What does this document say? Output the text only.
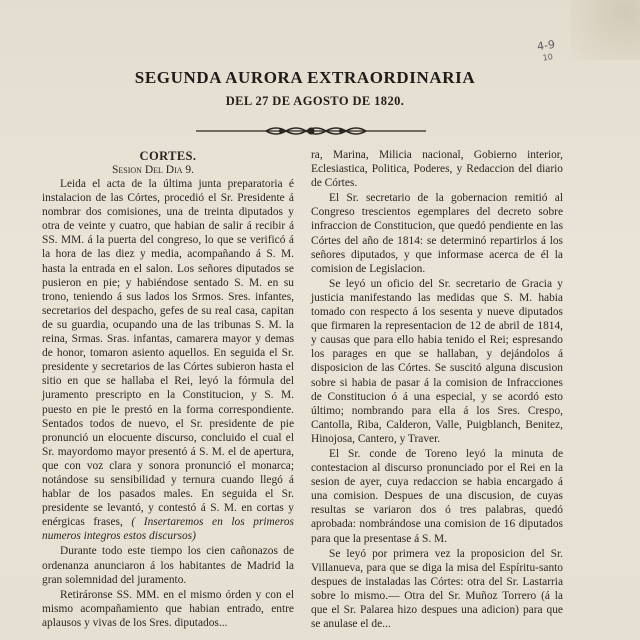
4-9
10
SEGUNDA AURORA EXTRAORDINARIA
DEL 27 DE AGOSTO DE 1820.
CORTES.
Sesion Del Dia 9.

Leida el acta de la última junta preparatoria é instalacion de las Córtes, procedió el Sr. Presidente á nombrar dos comisiones, una de treinta diputados y otra de veinte y cuatro, que habian de salir á recibir á SS. MM. á la puerta del congreso, lo que se verificó á la hora de las diez y media, acompañando á S. M. hasta la entrada en el salon. Los señores diputados se pusieron en pie; y habiéndose sentado S. M. en su trono, teniendo á sus lados los Srmos. Sres. infantes, secretarios del despacho, gefes de su real casa, capitan de su guardia, ocupando una de las tribunas S. M. la reina, Srmas. Sras. infantas, camarera mayor y demas de honor, tomaron asiento aquellos. En seguida el Sr. presidente y secretarios de las Córtes subieron hasta el sitio en que se hallaba el Rei, leyó la fórmula del juramento prescripto en la Constitucion, y S. M. puesto en pie le prestó en la forma correspondiente. Sentados todos de nuevo, el Sr. presidente de pie pronunció un elocuente discurso, concluido el cual el Sr. mayordomo mayor presentó á S. M. el de apertura, que con voz clara y sonora pronunció el monarca; notándose su sensibilidad y ternura cuando llegó á hablar de los pasados males. En seguida el Sr. presidente se levantó, y contestó á S. M. en cortas y enérgicas frases, ( Insertaremos en los primeros numeros integros estos discursos)

Durante todo este tiempo los cien cañonazos de ordenanza anunciaron á los habitantes de Madrid la gran solemnidad del juramento.

Retiráronse SS. MM. en el mismo órden y con el mismo acompañamiento que habian entrado, entre aplausos y vivas de los Sres. diputados...

ra, Marina, Milicia nacional, Gobierno interior, Eclesiastica, Politica, Poderes, y Redaccion del diario de Córtes.

El Sr. secretario de la gobernacion remitió al Congreso trescientos egemplares del decreto sobre infraccion de Constitucion, que quedó pendiente en las Córtes del año de 1814: se determinó repartirlos á los señores diputados, y que informase acerca de él la comision de Legislacion.

Se leyó un oficio del Sr. secretario de Gracia y justicia manifestando las medidas que S. M. habia tomado con respecto á los sesenta y nueve diputados que firmaren la representacion de 12 de abril de 1814, y causas que para ello habia tenido el Rei; espresando los parages en que se hallaban, y dejándolos á disposicion de las Córtes. Se suscitó alguna discusion sobre si habia de pasar á la comision de Infracciones de Constitucion ó á una especial, y se acordó esto último; nombrando para ella á los Sres. Crespo, Cantolla, Riba, Calderon, Valle, Puigblanch, Benitez, Hinojosa, Cantero, y Traver.

El Sr. conde de Toreno leyó la minuta de contestacion al discurso pronunciado por el Rei en la sesion de ayer, cuya redaccion se habia encargado á una comision. Despues de una discusion, de cuyas resultas se variaron dos ó tres palabras, quedó aprobada: nombrándose una comision de 16 diputados para que la presentase á S. M.

Se leyó por primera vez la proposicion del Sr. Villanueva, para que se diga la misa del Espíritu-santo despues de instaladas las Córtes: otra del Sr. Lastarria sobre lo mismo.— Otra del Sr. Muñoz Torrero (á la que el Sr. Palarea hizo despues una adicion) para que se anulase el de...
